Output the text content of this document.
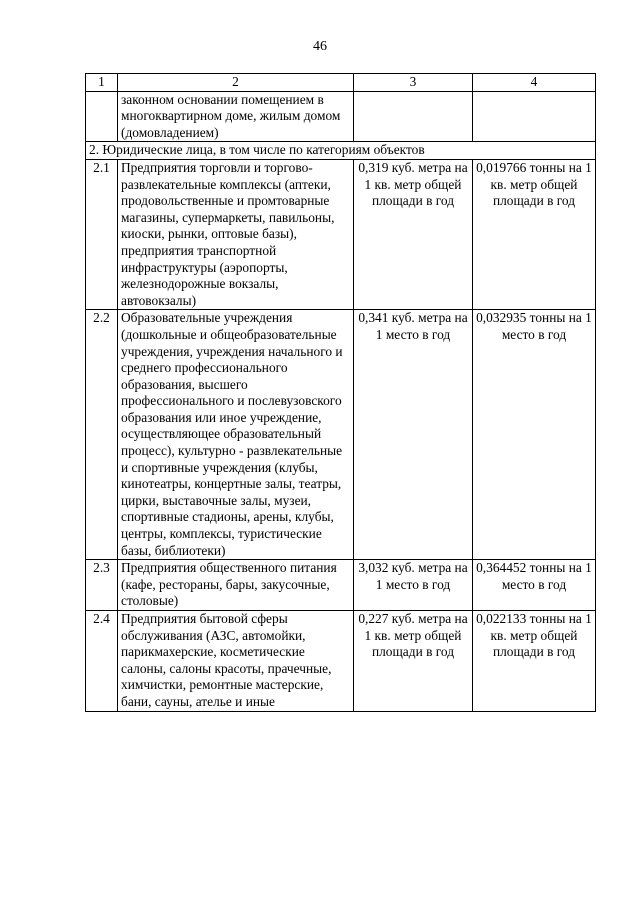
46
1	2	3	4
	законном основании помещением в многоквартирном доме, жилым домом (домовладением)		
2. Юридические лица, в том числе по категориям объектов			
2.1	Предприятия торговли и торгово-развлекательные комплексы (аптеки, продовольственные и промтоварные магазины, супермаркеты, павильоны, киоски, рынки, оптовые базы), предприятия транспортной инфраструктуры (аэропорты, железнодорожные вокзалы, автовокзалы)	0,319 куб. метра на 1 кв. метр общей площади в год	0,019766 тонны на 1 кв. метр общей площади в год
2.2	Образовательные учреждения (дошкольные и общеобразовательные учреждения, учреждения начального и среднего профессионального образования, высшего профессионального и послевузовского образования или иное учреждение, осуществляющее образовательный процесс), культурно - развлекательные и спортивные учреждения (клубы, кинотеатры, концертные залы, театры, цирки, выставочные залы, музеи, спортивные стадионы, арены, клубы, центры, комплексы, туристические базы, библиотеки)	0,341 куб. метра на 1 место в год	0,032935 тонны на 1 место в год
2.3	Предприятия общественного питания (кафе, рестораны, бары, закусочные, столовые)	3,032 куб. метра на 1 место в год	0,364452 тонны на 1 место в год
2.4	Предприятия бытовой сферы обслуживания (АЗС, автомойки, парикмахерские, косметические салоны, салоны красоты, прачечные, химчистки, ремонтные мастерские, бани, сауны, ателье и иные	0,227 куб. метра на 1 кв. метр общей площади в год	0,022133 тонны на 1 кв. метр общей площади в год
